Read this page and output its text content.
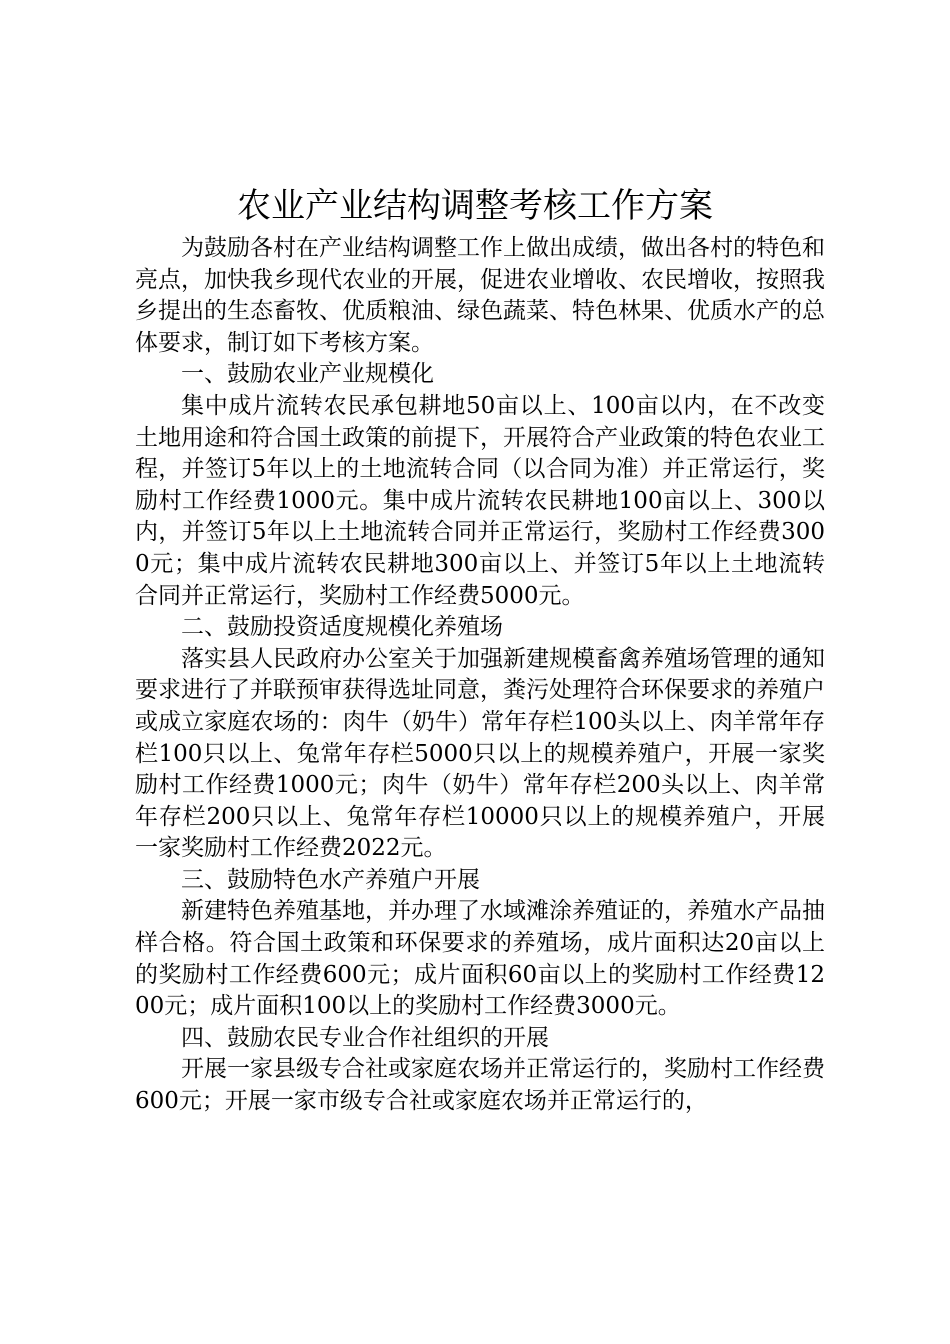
农业产业结构调整考核工作方案

为鼓励各村在产业结构调整工作上做出成绩，做出各村的特色和亮点，加快我乡现代农业的开展，促进农业增收、农民增收，按照我乡提出的生态畜牧、优质粮油、绿色蔬菜、特色林果、优质水产的总体要求，制订如下考核方案。

一、鼓励农业产业规模化

集中成片流转农民承包耕地50亩以上、100亩以内，在不改变土地用途和符合国土政策的前提下，开展符合产业政策的特色农业工程，并签订5年以上的土地流转合同（以合同为准）并正常运行，奖励村工作经费1000元。集中成片流转农民耕地100亩以上、300以内，并签订5年以上土地流转合同并正常运行，奖励村工作经费3000元；集中成片流转农民耕地300亩以上、并签订5年以上土地流转合同并正常运行，奖励村工作经费5000元。

二、鼓励投资适度规模化养殖场

落实县人民政府办公室关于加强新建规模畜禽养殖场管理的通知要求进行了并联预审获得选址同意，粪污处理符合环保要求的养殖户或成立家庭农场的：肉牛（奶牛）常年存栏100头以上、肉羊常年存栏100只以上、兔常年存栏5000只以上的规模养殖户，开展一家奖励村工作经费1000元；肉牛（奶牛）常年存栏200头以上、肉羊常年存栏200只以上、兔常年存栏10000只以上的规模养殖户，开展一家奖励村工作经费2022元。

三、鼓励特色水产养殖户开展

新建特色养殖基地，并办理了水域滩涂养殖证的，养殖水产品抽样合格。符合国土政策和环保要求的养殖场，成片面积达20亩以上的奖励村工作经费600元；成片面积60亩以上的奖励村工作经费1200元；成片面积100以上的奖励村工作经费3000元。

四、鼓励农民专业合作社组织的开展

开展一家县级专合社或家庭农场并正常运行的，奖励村工作经费600元；开展一家市级专合社或家庭农场并正常运行的，
